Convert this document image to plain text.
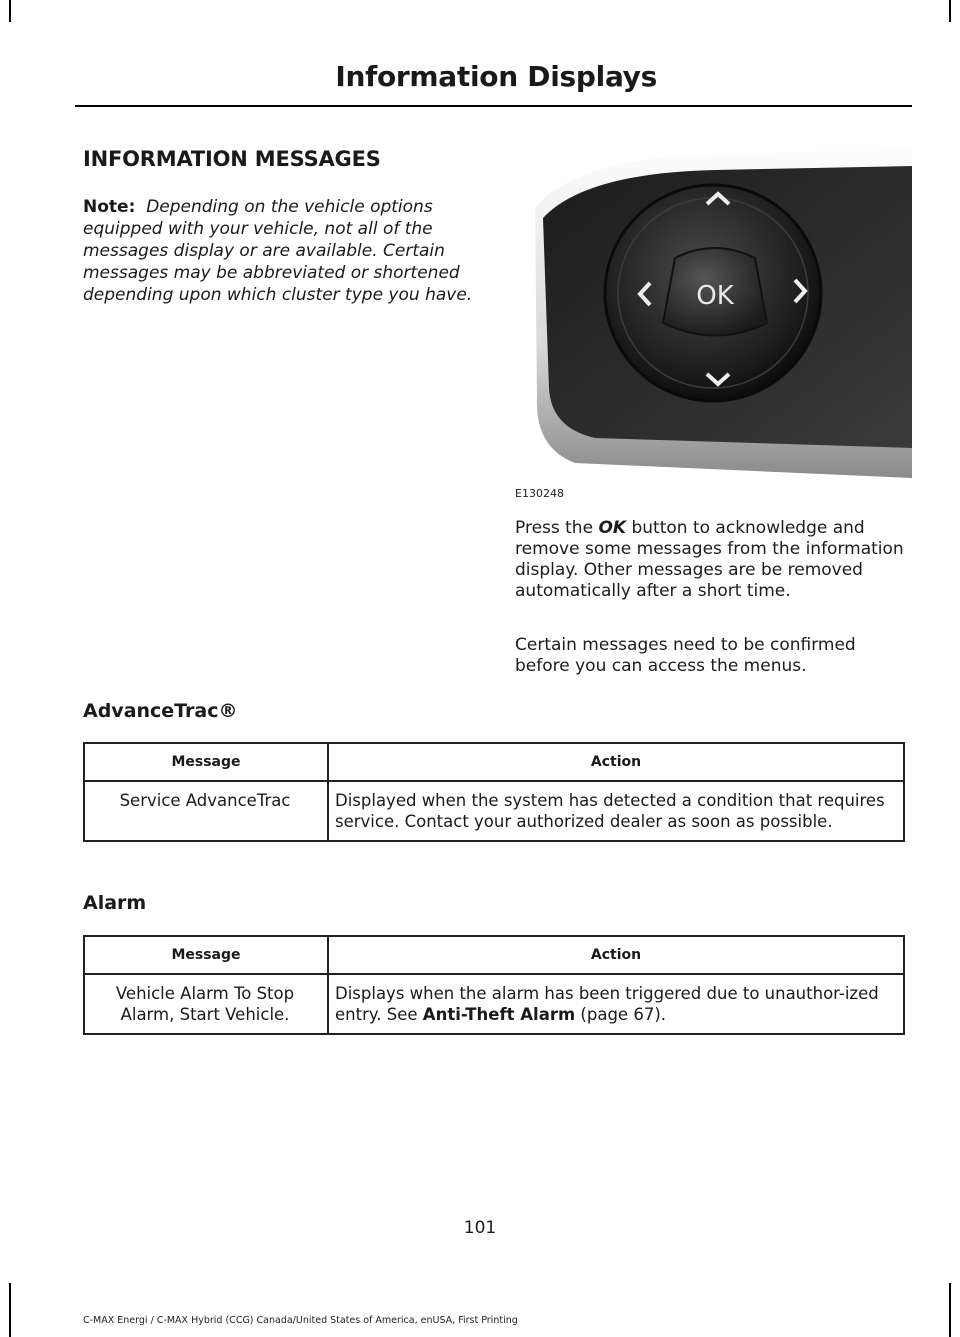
Information Displays
INFORMATION MESSAGES
Note: Depending on the vehicle options equipped with your vehicle, not all of the messages display or are available. Certain messages may be abbreviated or shortened depending upon which cluster type you have.	OK
E130248
Press the OK button to acknowledge and remove some messages from the information display. Other messages are be removed automatically after a short time.
Certain messages need to be confirmed before you can access the menus.
AdvanceTrac®
Message	Action
Service AdvanceTrac	Displayed when the system has detected a condition that requires service. Contact your authorized dealer as soon as possible.
Alarm
Message	Action
Vehicle Alarm To Stop Alarm, Start Vehicle.	Displays when the alarm has been triggered due to unauthor-ized entry. See Anti-Theft Alarm (page 67).
101
C-MAX Energi / C-MAX Hybrid (CCG) Canada/United States of America, enUSA, First Printing
